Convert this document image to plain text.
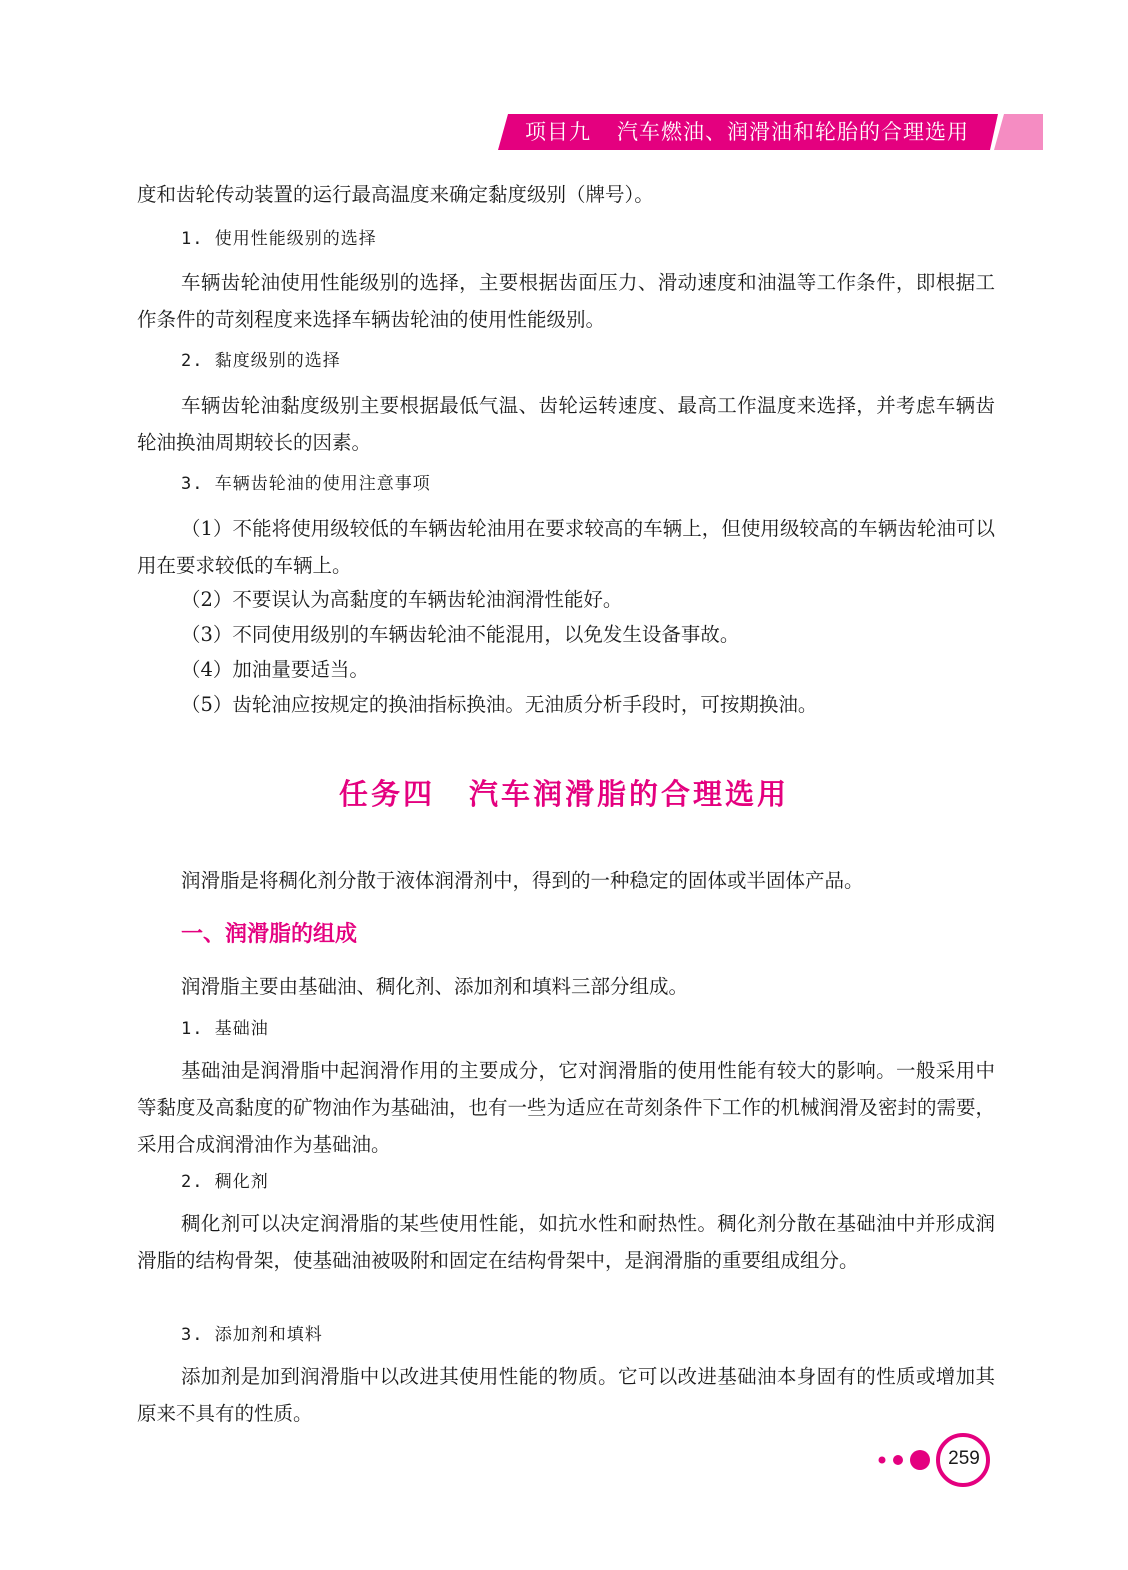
项目九 汽车燃油、润滑油和轮胎的合理选用

度和齿轮传动装置的运行最高温度来确定黏度级别（牌号）。

1. 使用性能级别的选择

车辆齿轮油使用性能级别的选择，主要根据齿面压力、滑动速度和油温等工作条件，即根据工作条件的苛刻程度来选择车辆齿轮油的使用性能级别。

2. 黏度级别的选择

车辆齿轮油黏度级别主要根据最低气温、齿轮运转速度、最高工作温度来选择，并考虑车辆齿轮油换油周期较长的因素。

3. 车辆齿轮油的使用注意事项

（1）不能将使用级较低的车辆齿轮油用在要求较高的车辆上，但使用级较高的车辆齿轮油可以用在要求较低的车辆上。

（2）不要误认为高黏度的车辆齿轮油润滑性能好。

（3）不同使用级别的车辆齿轮油不能混用，以免发生设备事故。

（4）加油量要适当。

（5）齿轮油应按规定的换油指标换油。无油质分析手段时，可按期换油。

任务四 汽车润滑脂的合理选用

润滑脂是将稠化剂分散于液体润滑剂中，得到的一种稳定的固体或半固体产品。

一、润滑脂的组成

润滑脂主要由基础油、稠化剂、添加剂和填料三部分组成。

1. 基础油

基础油是润滑脂中起润滑作用的主要成分，它对润滑脂的使用性能有较大的影响。一般采用中等黏度及高黏度的矿物油作为基础油，也有一些为适应在苛刻条件下工作的机械润滑及密封的需要，采用合成润滑油作为基础油。

2. 稠化剂

稠化剂可以决定润滑脂的某些使用性能，如抗水性和耐热性。稠化剂分散在基础油中并形成润滑脂的结构骨架，使基础油被吸附和固定在结构骨架中，是润滑脂的重要组成组分。

3. 添加剂和填料

添加剂是加到润滑脂中以改进其使用性能的物质。它可以改进基础油本身固有的性质或增加其原来不具有的性质。

259
